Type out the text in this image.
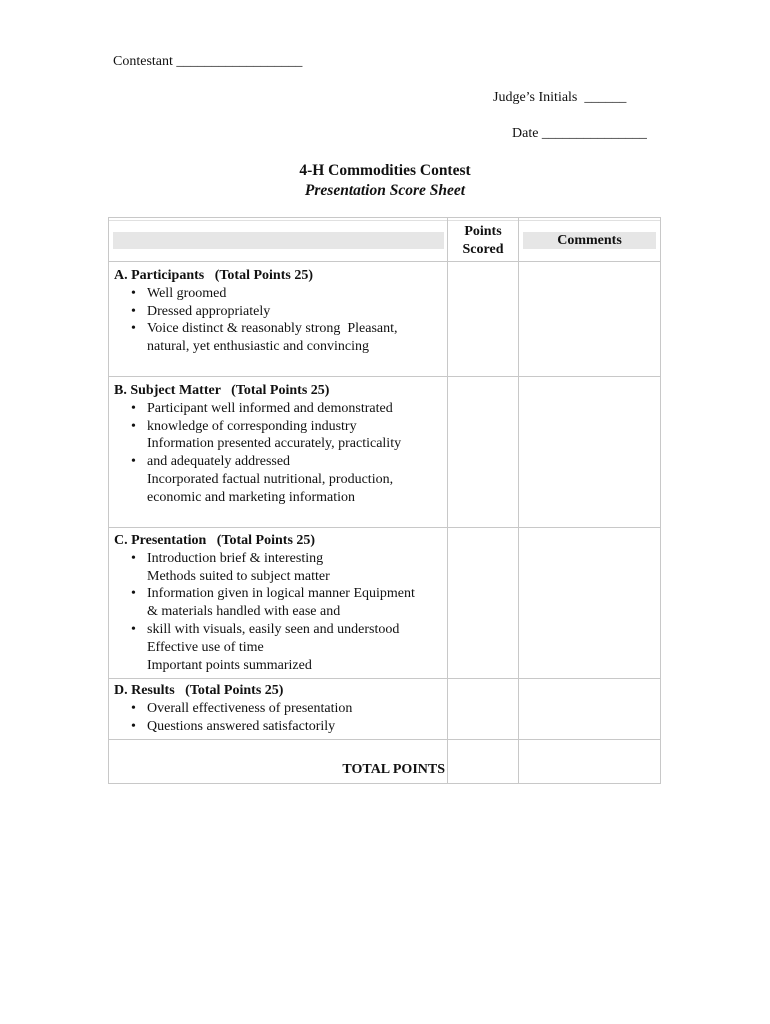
Contestant __________________
Judge’s Initials  ______
Date _______________
4-H Commodities Contest
Presentation Score Sheet
Points
Scored
Comments
A. Participants   (Total Points 25)
• Well groomed
• Dressed appropriately
• Voice distinct & reasonably strong  Pleasant,
natural, yet enthusiastic and convincing
B. Subject Matter   (Total Points 25)
• Participant well informed and demonstrated
• knowledge of corresponding industry
Information presented accurately, practicality
• and adequately addressed
Incorporated factual nutritional, production,
economic and marketing information
C. Presentation   (Total Points 25)
• Introduction brief & interesting
Methods suited to subject matter
• Information given in logical manner Equipment
& materials handled with ease and
• skill with visuals, easily seen and understood
Effective use of time
Important points summarized
D. Results   (Total Points 25)
• Overall effectiveness of presentation
• Questions answered satisfactorily
TOTAL POINTS
